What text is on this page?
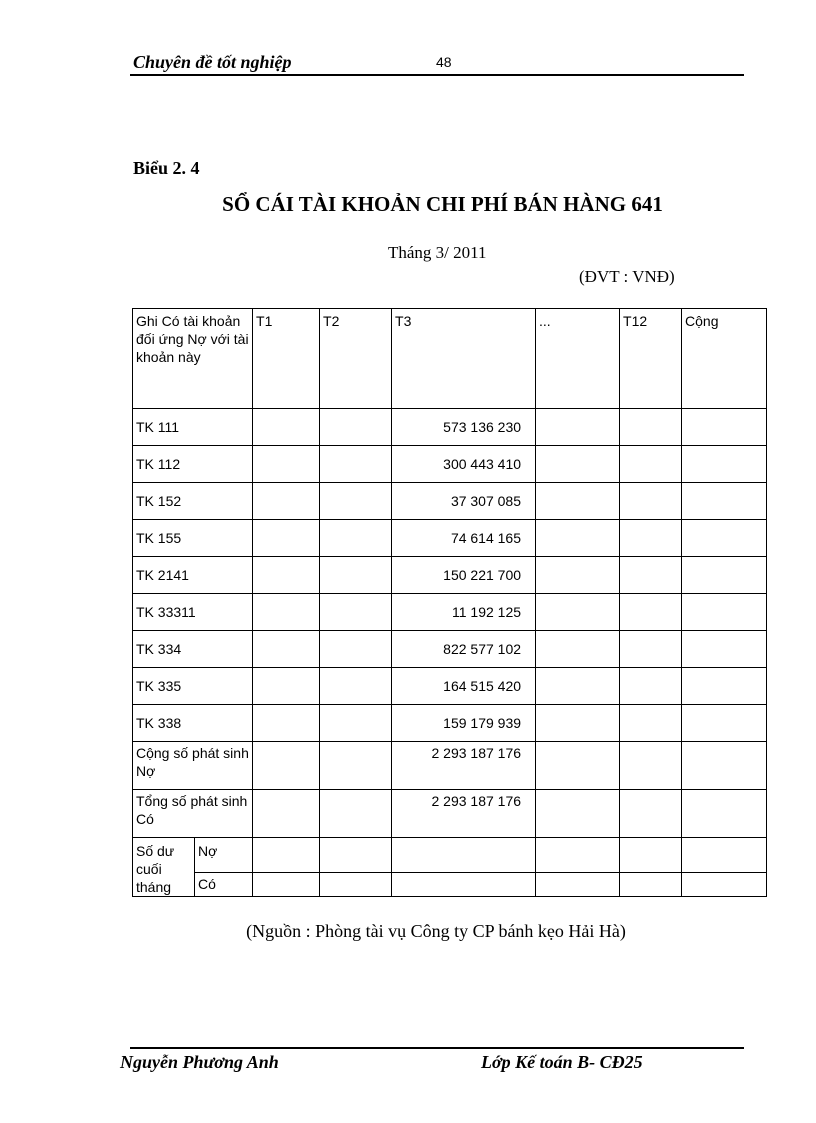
Chuyên đề tốt nghiệp	48
Biểu 2. 4
SỔ CÁI TÀI KHOẢN CHI PHÍ BÁN HÀNG 641
Tháng 3/ 2011
(ĐVT : VNĐ)
Ghi Có tài khoản đối ứng Nợ với tài khoản này		T1	T2	T3	...	T12	Cộng
TK 111				573 136 230			
TK 112				300 443 410			
TK 152				37 307 085			
TK 155				74 614 165			
TK 2141				150 221 700			
TK 33311				11 192 125			
TK 334				822 577 102			
TK 335				164 515 420			
TK 338				159 179 939			
Cộng số phát sinh Nợ				2 293 187 176			
Tổng số phát sinh Có				2 293 187 176			
Số dư cuối tháng	Nợ						
	Có						
(Nguồn : Phòng tài vụ Công ty CP bánh kẹo Hải Hà)
Nguyễn Phương Anh	Lớp Kế toán B- CĐ25
